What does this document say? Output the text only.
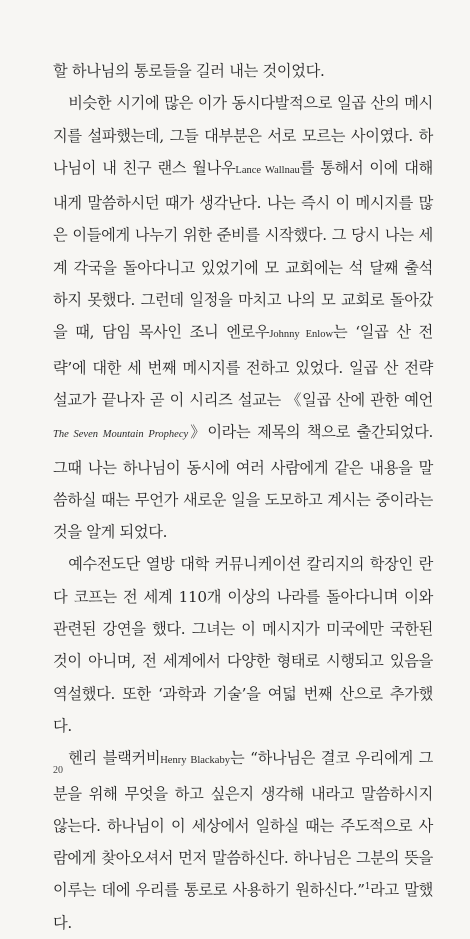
할 하나님의 통로들을 길러 내는 것이었다.

비슷한 시기에 많은 이가 동시다발적으로 일곱 산의 메시지를 설파했는데, 그들 대부분은 서로 모르는 사이였다. 하나님이 내 친구 랜스 월나우Lance Wallnau를 통해서 이에 대해 내게 말씀하시던 때가 생각난다. 나는 즉시 이 메시지를 많은 이들에게 나누기 위한 준비를 시작했다. 그 당시 나는 세계 각국을 돌아다니고 있었기에 모 교회에는 석 달째 출석하지 못했다. 그런데 일정을 마치고 나의 모 교회로 돌아갔을 때, 담임 목사인 조니 엔로우Johnny Enlow는 ‘일곱 산 전략’에 대한 세 번째 메시지를 전하고 있었다. 일곱 산 전략 설교가 끝나자 곧 이 시리즈 설교는 《일곱 산에 관한 예언The Seven Mountain Prophecy》이라는 제목의 책으로 출간되었다. 그때 나는 하나님이 동시에 여러 사람에게 같은 내용을 말씀하실 때는 무언가 새로운 일을 도모하고 계시는 중이라는 것을 알게 되었다.

예수전도단 열방 대학 커뮤니케이션 칼리지의 학장인 란다 코프는 전 세계 110개 이상의 나라를 돌아다니며 이와 관련된 강연을 했다. 그녀는 이 메시지가 미국에만 국한된 것이 아니며, 전 세계에서 다양한 형태로 시행되고 있음을 역설했다. 또한 ‘과학과 기술’을 여덟 번째 산으로 추가했다.

헨리 블랙커비Henry Blackaby는 “하나님은 결코 우리에게 그분을 위해 무엇을 하고 싶은지 생각해 내라고 말씀하시지 않는다. 하나님이 이 세상에서 일하실 때는 주도적으로 사람에게 찾아오셔서 먼저 말씀하신다. 하나님은 그분의 뜻을 이루는 데에 우리를 통로로 사용하기 원하신다.”$^1$라고 말했다.

20
